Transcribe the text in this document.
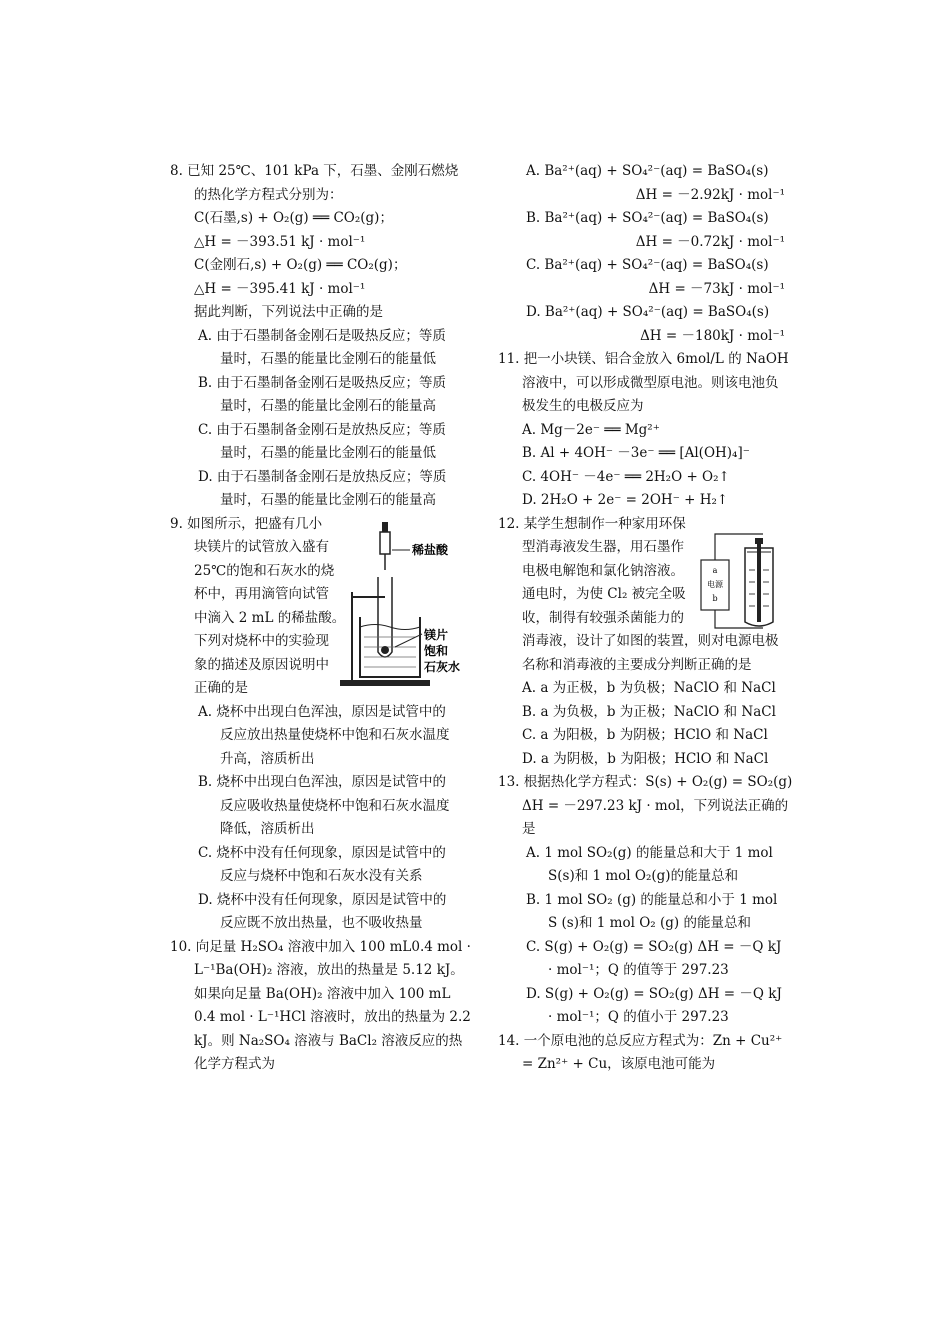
8. 已知 25℃、101 kPa 下，石墨、金刚石燃烧
的热化学方程式分别为：
C(石墨,s) + O₂(g) ══ CO₂(g)；
△H = －393.51 kJ · mol⁻¹
C(金刚石,s) + O₂(g) ══ CO₂(g)；
△H = －395.41 kJ · mol⁻¹
据此判断，下列说法中正确的是
A. 由于石墨制备金刚石是吸热反应；等质
量时，石墨的能量比金刚石的能量低
B. 由于石墨制备金刚石是吸热反应；等质
量时，石墨的能量比金刚石的能量高
C. 由于石墨制备金刚石是放热反应；等质
量时，石墨的能量比金刚石的能量低
D. 由于石墨制备金刚石是放热反应；等质
量时，石墨的能量比金刚石的能量高
9. 如图所示，把盛有几小
块镁片的试管放入盛有
25℃的饱和石灰水的烧
杯中，再用滴管向试管
中滴入 2 mL 的稀盐酸。
下列对烧杯中的实验现
象的描述及原因说明中
正确的是
A. 烧杯中出现白色浑浊，原因是试管中的
反应放出热量使烧杯中饱和石灰水温度
升高，溶质析出
B. 烧杯中出现白色浑浊，原因是试管中的
反应吸收热量使烧杯中饱和石灰水温度
降低，溶质析出
C. 烧杯中没有任何现象，原因是试管中的
反应与烧杯中饱和石灰水没有关系
D. 烧杯中没有任何现象，原因是试管中的
反应既不放出热量，也不吸收热量
10. 向足量 H₂SO₄ 溶液中加入 100 mL0.4 mol ·
L⁻¹Ba(OH)₂ 溶液，放出的热量是 5.12 kJ。
如果向足量 Ba(OH)₂ 溶液中加入 100 mL
0.4 mol · L⁻¹HCl 溶液时，放出的热量为 2.2
kJ。则 Na₂SO₄ 溶液与 BaCl₂ 溶液反应的热
化学方程式为
A. Ba²⁺(aq) + SO₄²⁻(aq) = BaSO₄(s)
ΔH = －2.92kJ · mol⁻¹
B. Ba²⁺(aq) + SO₄²⁻(aq) = BaSO₄(s)
ΔH = －0.72kJ · mol⁻¹
C. Ba²⁺(aq) + SO₄²⁻(aq) = BaSO₄(s)
ΔH = －73kJ · mol⁻¹
D. Ba²⁺(aq) + SO₄²⁻(aq) = BaSO₄(s)
ΔH = －180kJ · mol⁻¹
11. 把一小块镁、铝合金放入 6mol/L 的 NaOH
溶液中，可以形成微型原电池。则该电池负
极发生的电极反应为
A. Mg－2e⁻ ══ Mg²⁺
B. Al + 4OH⁻ －3e⁻ ══ [Al(OH)₄]⁻
C. 4OH⁻ －4e⁻ ══ 2H₂O + O₂↑
D. 2H₂O + 2e⁻ = 2OH⁻ + H₂↑
12. 某学生想制作一种家用环保
型消毒液发生器，用石墨作
电极电解饱和氯化钠溶液。
通电时，为使 Cl₂ 被完全吸
收，制得有较强杀菌能力的
消毒液，设计了如图的装置，则对电源电极
名称和消毒液的主要成分判断正确的是
A. a 为正极，b 为负极；NaClO 和 NaCl
B. a 为负极，b 为正极；NaClO 和 NaCl
C. a 为阳极，b 为阴极；HClO 和 NaCl
D. a 为阴极，b 为阳极；HClO 和 NaCl
13. 根据热化学方程式：S(s) + O₂(g) = SO₂(g)
ΔH = －297.23 kJ · mol，下列说法正确的
是
A. 1 mol SO₂(g) 的能量总和大于 1 mol
S(s)和 1 mol O₂(g)的能量总和
B. 1 mol SO₂ (g) 的能量总和小于 1 mol
S (s)和 1 mol O₂ (g) 的能量总和
C. S(g) + O₂(g) = SO₂(g) ΔH = －Q kJ
· mol⁻¹；Q 的值等于 297.23
D. S(g) + O₂(g) = SO₂(g) ΔH = －Q kJ
· mol⁻¹；Q 的值小于 297.23
14. 一个原电池的总反应方程式为：Zn + Cu²⁺
= Zn²⁺ + Cu，该原电池可能为
稀盐酸
镁片
饱和
石灰水
a
电源
b
